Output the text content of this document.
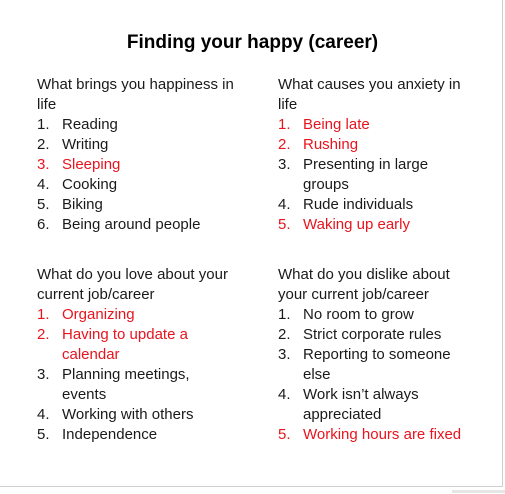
Finding your happy (career)
What brings you happiness in life
1. Reading
2. Writing
3. Sleeping
4. Cooking
5. Biking
6. Being around people
What causes you anxiety in life
1. Being late
2. Rushing
3. Presenting in large groups
4. Rude individuals
5. Waking up early
What do you love about your current job/career
1. Organizing
2. Having to update a calendar
3. Planning meetings, events
4. Working with others
5. Independence
What do you dislike about your current job/career
1. No room to grow
2. Strict corporate rules
3. Reporting to someone else
4. Work isn’t always appreciated
5. Working hours are fixed
